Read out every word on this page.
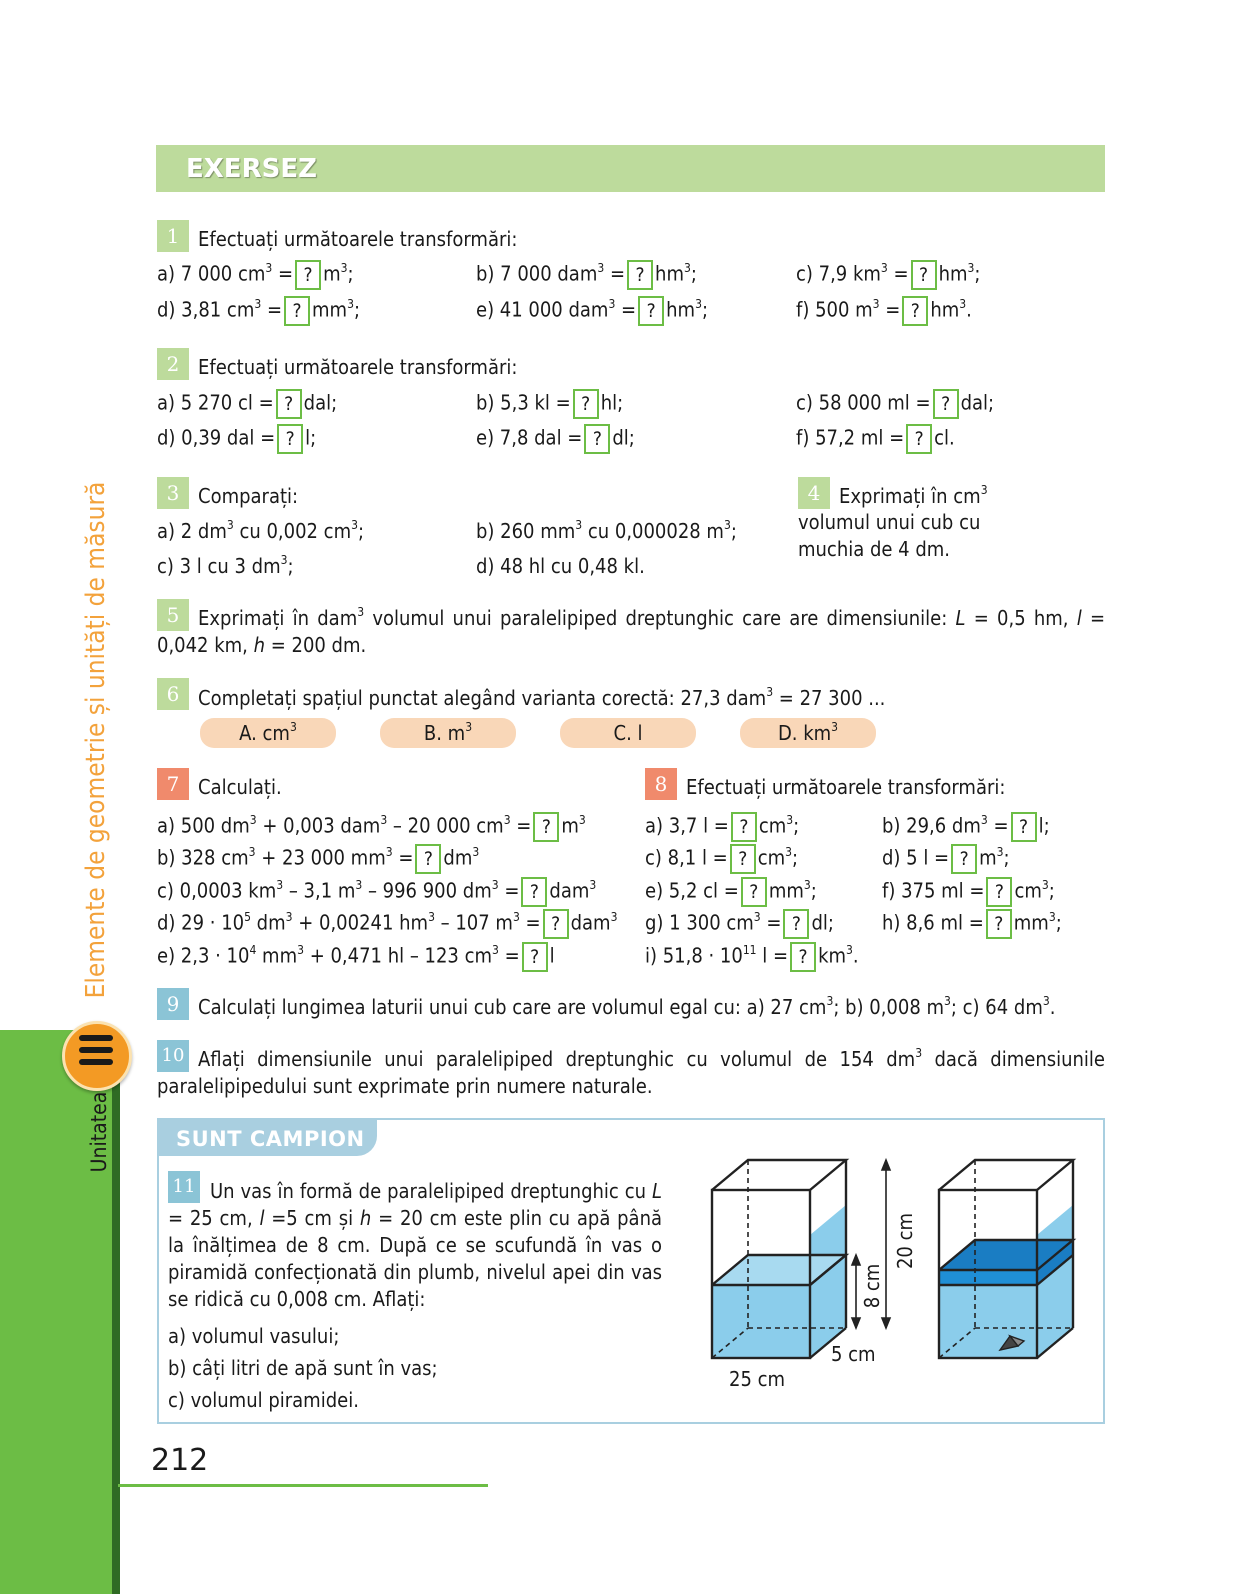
Elemente de geometrie și unități de măsură
Unitatea
EXERSEZ
1 Efectuați următoarele transformări:
a) 7 000 $cm^3$ = ? $m^3$;	b) 7 000 dam$^3$ = ? $hm^3$;	c) 7,9 $km^3$ = ? $hm^3$;
d) 3,81 $cm^3$ = ? $mm^3$;	e) 41 000 dam$^3$ = ? $hm^3$;	f) 500 $m^3$ = ? $hm^3$.
2 Efectuați următoarele transformări:
a) 5 270 cl = ? dal;	b) 5,3 kl = ? hl;	c) 58 000 ml = ? dal;
d) 0,39 dal = ? l;	e) 7,8 dal = ? dl;	f) 57,2 ml = ? cl.
3 Comparați:
a) 2 $dm^3$ cu 0,002 $cm^3$;	b) 260 $mm^3$ cu 0,000028 $m^3$;
c) 3 l cu 3 $dm^3$;	d) 48 hl cu 0,48 kl.
4 Exprimați în $cm^3$
volumul unui cub cu
muchia de 4 dm.
5 Exprimați în dam$^3$ volumul unui paralelipiped dreptunghic care are dimensiunile: L = 0,5 hm, l = 0,042 km, h = 200 dm.
6 Completați spațiul punctat alegând varianta corectă: 27,3 dam$^3$ = 27 300 ...
A. $cm^3$	B. $m^3$	C. l	D. $km^3$
7 Calculați.
a) 500 $dm^3 + 0,003$ dam$^3$ – 20 000 $cm^3$ = ? $m^3$
b) 328 $cm^3 + 23$ 000 $mm^3$ = ? $dm^3$
c) 0,0003 $km^3 - 3,1$ $m^3 - 996$ 900 $dm^3$ = ? dam$^3$
d) $29 \cdot 10^5$ $dm^3 + 0,00241$ $hm^3 - 107$ $m^3$ = ? dam$^3$
e) $2,3 \cdot 10^4$ $mm^3 + 0,471$ hl – 123 $cm^3$ = ? l
8 Efectuați următoarele transformări:
a) 3,7 l = ? $cm^3$;	b) 29,6 $dm^3$ = ? l;
c) 8,1 l = ? $cm^3$;	d) 5 l = ? $m^3$;
e) 5,2 cl = ? $mm^3$;	f) 375 ml = ? $cm^3$;
g) 1 300 $cm^3$ = ? dl; h) 8,6 ml = ? $mm^3$;
i) $51,8 \cdot 10^{11}$ l = ? $km^3$.
9 Calculați lungimea laturii unui cub care are volumul egal cu: a) 27 $cm^3$; b) 0,008 $m^3$; c) 64 $dm^3$.
10 Aflați dimensiunile unui paralelipiped dreptunghic cu volumul de 154 $dm^3$ dacă dimensiunile paralelipipedului sunt exprimate prin numere naturale.
SUNT CAMPION
11 Un vas în formă de paralelipiped dreptunghic cu L = 25 cm, l =5 cm și h = 20 cm este plin cu apă până la înălțimea de 8 cm. După ce se scufundă în vas o piramidă confecționată din plumb, nivelul apei din vas se ridică cu 0,008 cm. Aflați:
a) volumul vasului;
b) câți litri de apă sunt în vas;
c) volumul piramidei.
20 cm
8 cm
5 cm
25 cm
212
